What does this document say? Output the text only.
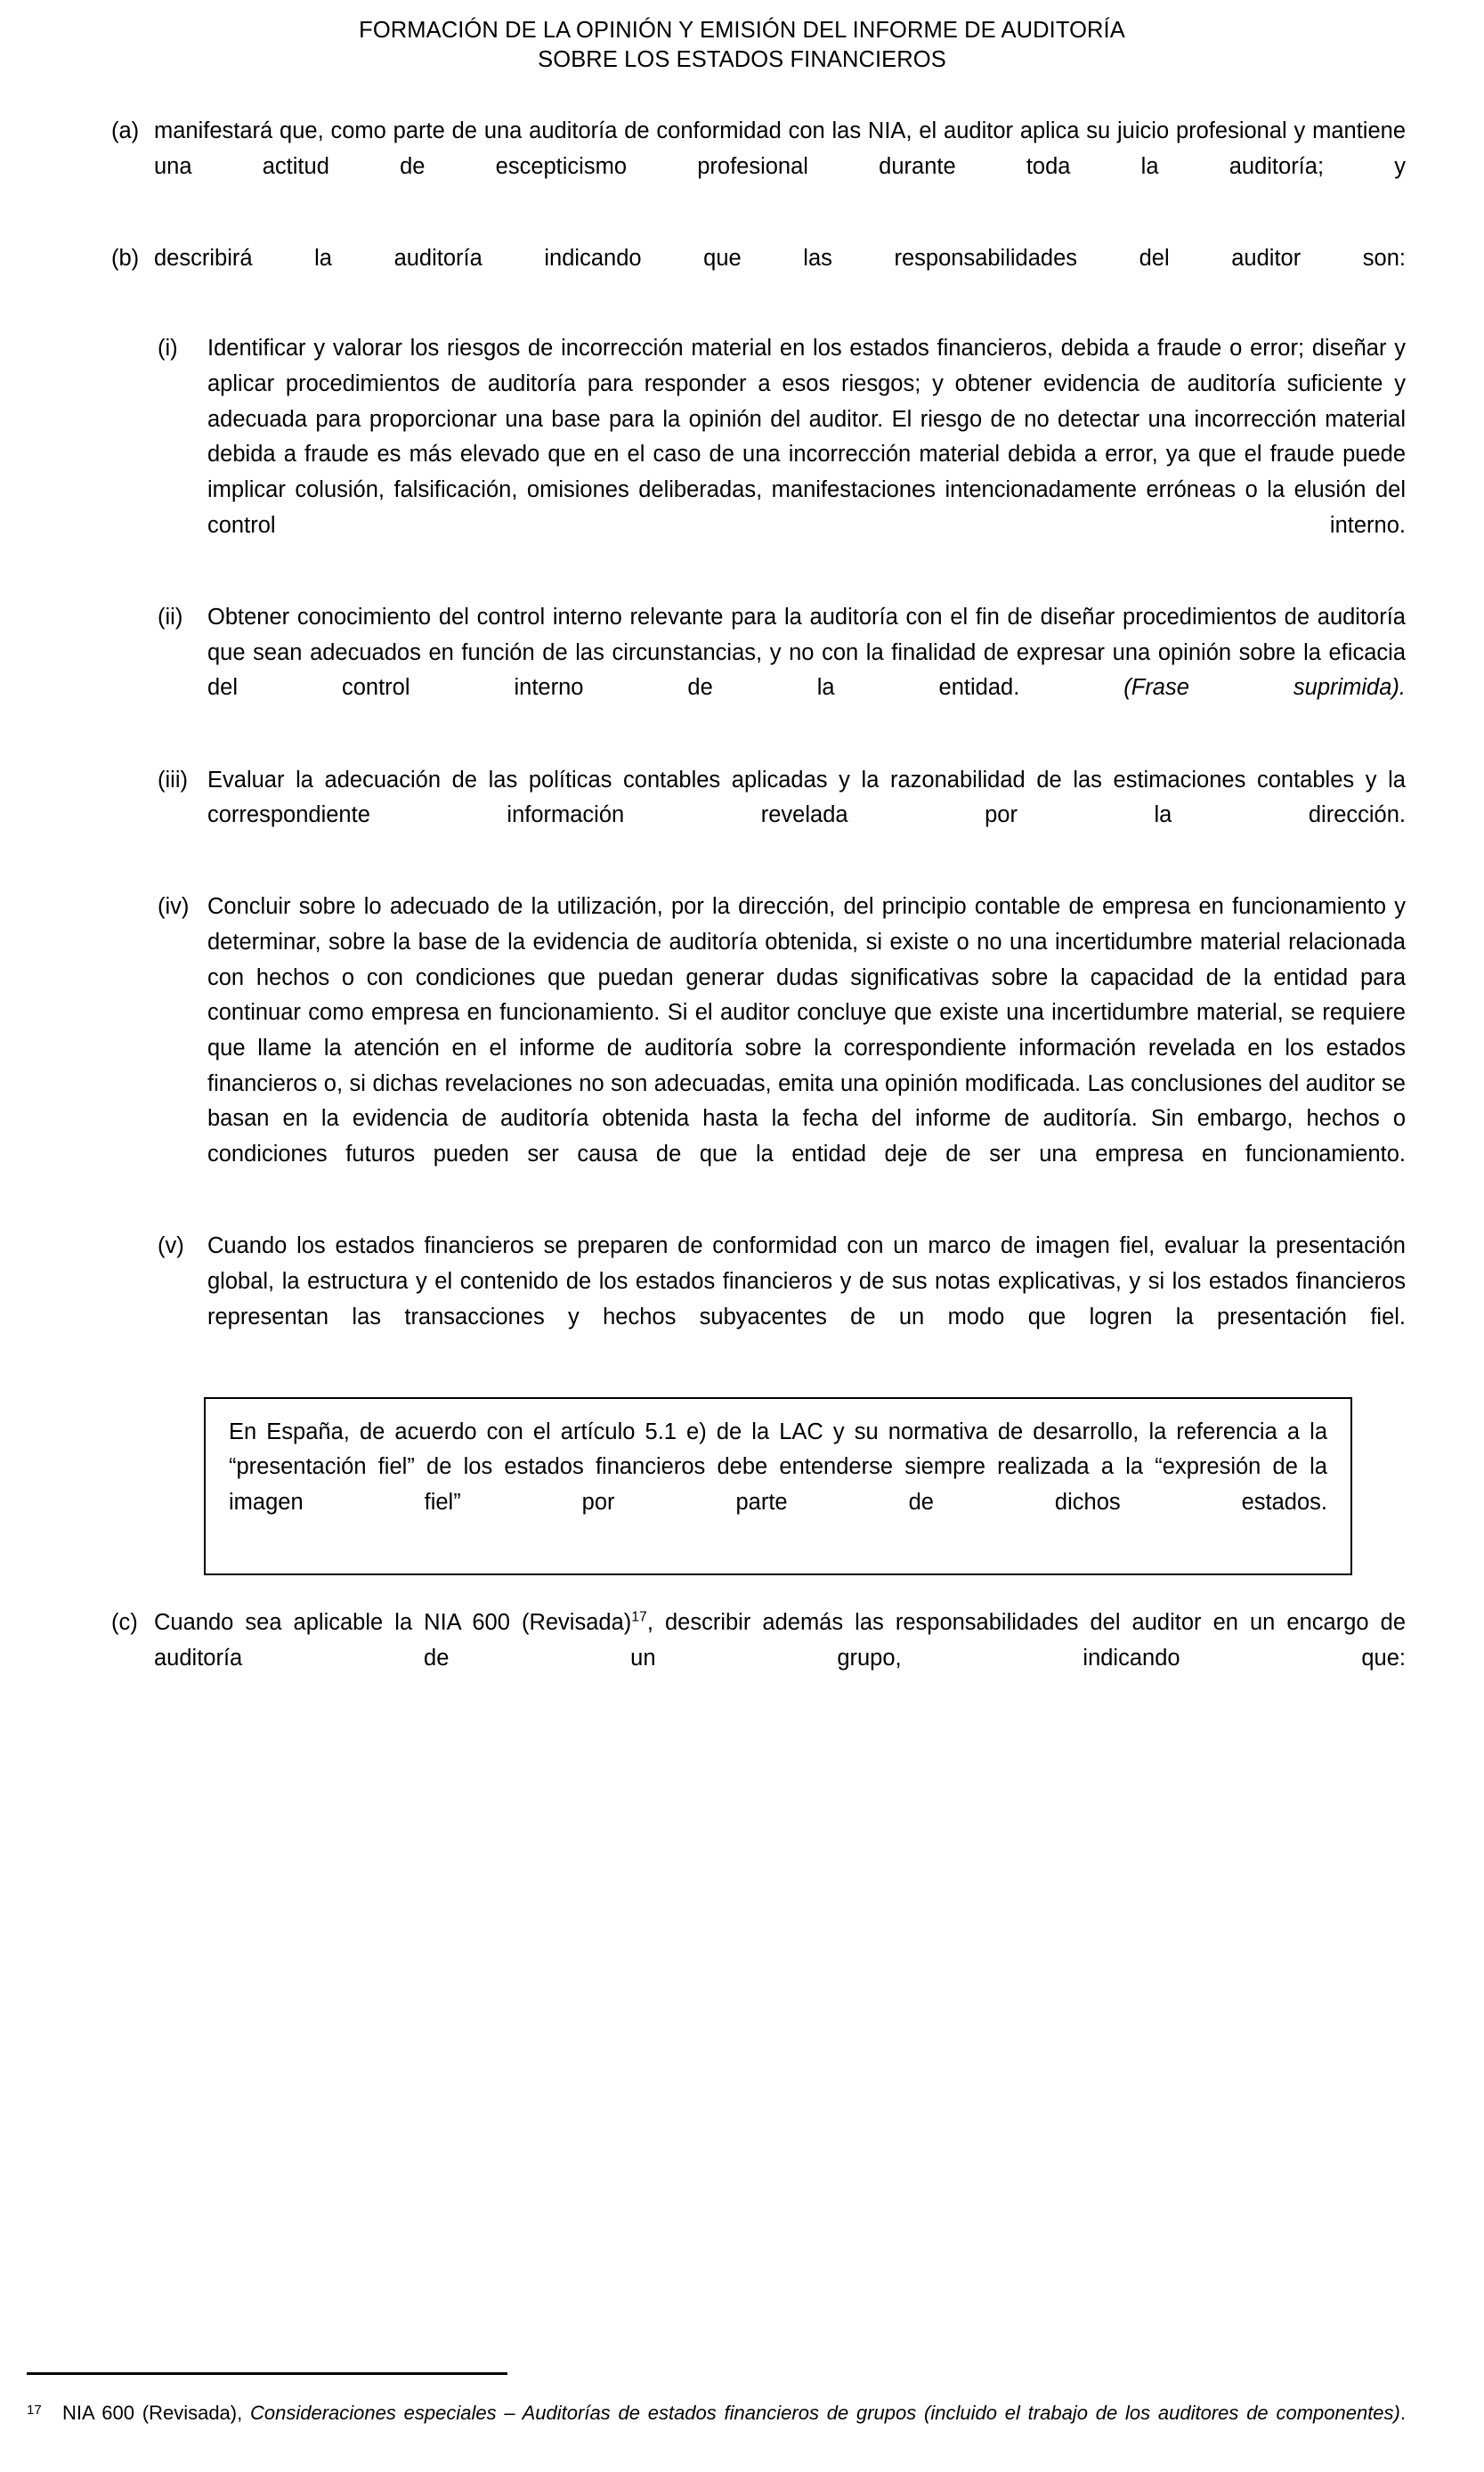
FORMACIÓN DE LA OPINIÓN Y EMISIÓN DEL INFORME DE AUDITORÍA
SOBRE LOS ESTADOS FINANCIEROS
(a) manifestará que, como parte de una auditoría de conformidad con las NIA, el auditor aplica su juicio profesional y mantiene una actitud de escepticismo profesional durante toda la auditoría; y
(b) describirá la auditoría indicando que las responsabilidades del auditor son:
(i)	Identificar y valorar los riesgos de incorrección material en los estados financieros, debida a fraude o error; diseñar y aplicar procedimientos de auditoría para responder a esos riesgos; y obtener evidencia de auditoría suficiente y adecuada para proporcionar una base para la opinión del auditor. El riesgo de no detectar una incorrección material debida a fraude es más elevado que en el caso de una incorrección material debida a error, ya que el fraude puede implicar colusión, falsificación, omisiones deliberadas, manifestaciones intencionadamente erróneas o la elusión del control interno.
(ii)	Obtener conocimiento del control interno relevante para la auditoría con el fin de diseñar procedimientos de auditoría que sean adecuados en función de las circunstancias, y no con la finalidad de expresar una opinión sobre la eficacia del control interno de la entidad. (Frase suprimida).
(iii) Evaluar la adecuación de las políticas contables aplicadas y la razonabilidad de las estimaciones contables y la correspondiente información revelada por la dirección.
(iv) Concluir sobre lo adecuado de la utilización, por la dirección, del principio contable de empresa en funcionamiento y determinar, sobre la base de la evidencia de auditoría obtenida, si existe o no una incertidumbre material relacionada con hechos o con condiciones que puedan generar dudas significativas sobre la capacidad de la entidad para continuar como empresa en funcionamiento. Si el auditor concluye que existe una incertidumbre material, se requiere que llame la atención en el informe de auditoría sobre la correspondiente información revelada en los estados financieros o, si dichas revelaciones no son adecuadas, emita una opinión modificada. Las conclusiones del auditor se basan en la evidencia de auditoría obtenida hasta la fecha del informe de auditoría. Sin embargo, hechos o condiciones futuros pueden ser causa de que la entidad deje de ser una empresa en funcionamiento.
(v)	Cuando los estados financieros se preparen de conformidad con un marco de imagen fiel, evaluar la presentación global, la estructura y el contenido de los estados financieros y de sus notas explicativas, y si los estados financieros representan las transacciones y hechos subyacentes de un modo que logren la presentación fiel.

En España, de acuerdo con el artículo 5.1 e) de la LAC y su normativa de desarrollo, la referencia a la “presentación fiel” de los estados financieros debe entenderse siempre realizada a la “expresión de la imagen fiel” por parte de dichos estados.

(c) Cuando sea aplicable la NIA 600 (Revisada)$^{17}$, describir además las responsabilidades del auditor en un encargo de auditoría de un grupo, indicando que:
17	NIA 600 (Revisada), Consideraciones especiales – Auditorías de estados financieros de grupos (incluido el trabajo de los auditores de componentes).
